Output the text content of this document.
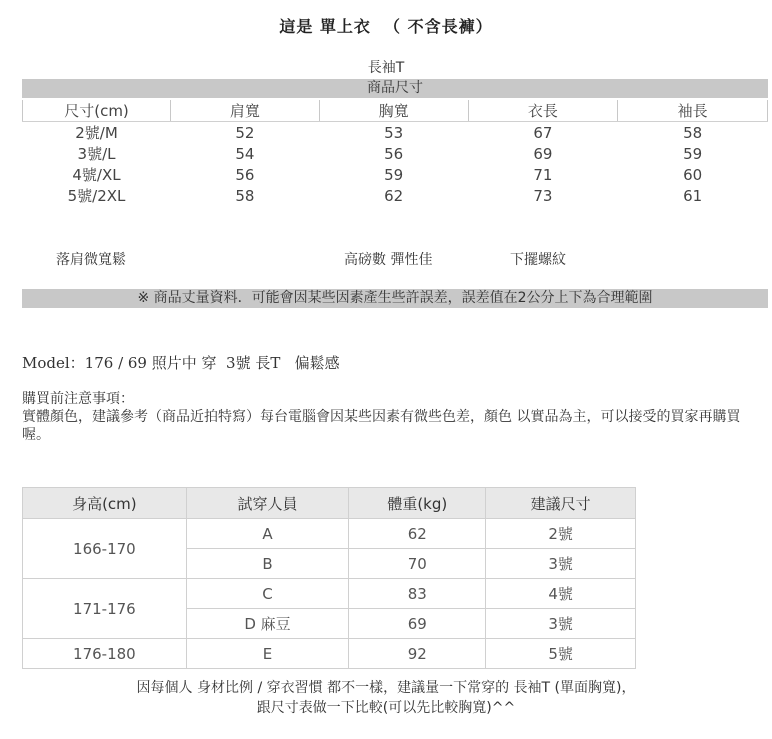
這是 單上衣  （ 不含長褲）
長袖T
商品尺寸
尺寸(cm)	肩寬	胸寬	衣長	袖長
2號/M	52	53	67	58
3號/L	54	56	69	59
4號/XL	56	59	71	60
5號/2XL	58	62	73	61
落肩微寬鬆	高磅數 彈性佳	下擺螺紋
※ 商品丈量資料．可能會因某些因素產生些許誤差，誤差值在2公分上下為合理範圍
Model：176 / 69 照片中 穿  3號 長T   偏鬆感

購買前注意事項：

實體顏色，建議參考（商品近拍特寫）每台電腦會因某些因素有微些色差，顏色 以實品為主，可以接受的買家再購買喔。

身高(cm)	試穿人員	體重(kg)	建議尺寸
166-170	A	62	2號
	B	70	3號
171-176	C	83	4號
	D 麻豆	69	3號
176-180	E	92	5號
因每個人 身材比例 / 穿衣習慣 都不一樣，建議量一下常穿的 長袖T (單面胸寬)，
跟尺寸表做一下比較(可以先比較胸寬)^^
